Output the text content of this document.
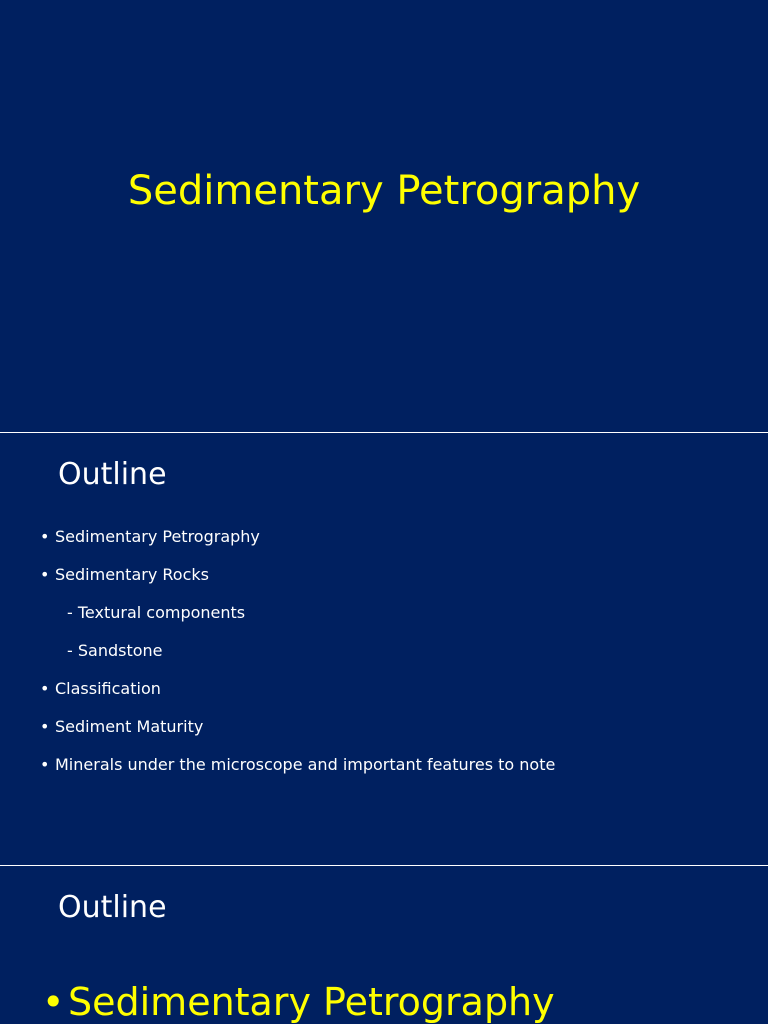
Sedimentary Petrography
Outline
• Sedimentary Petrography
• Sedimentary Rocks
- Textural components
- Sandstone
• Classification
• Sediment Maturity
• Minerals under the microscope and important features to note
Outline
•Sedimentary Petrography
